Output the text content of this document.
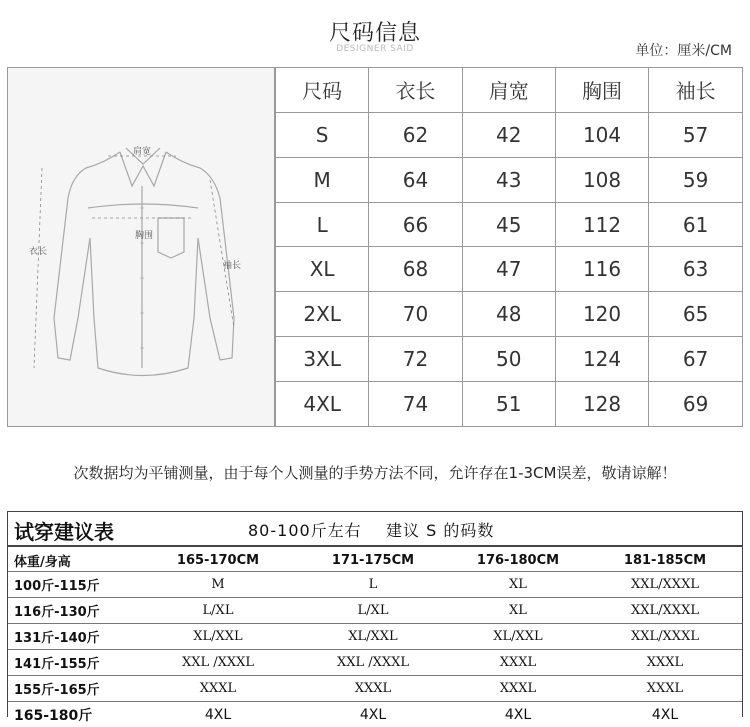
尺码信息
DESIGNER SAID	单位：厘米/CM
肩宽
衣长
胸围
袖长
尺码	衣长	肩宽	胸围	袖长
S	62	42	104	57
M	64	43	108	59
L	66	45	112	61
XL	68	47	116	63
2XL	70	48	120	65
3XL	72	50	124	67
4XL	74	51	128	69
次数据均为平铺测量，由于每个人测量的手势方法不同，允许存在1-3CM误差，敬请谅解！
试穿建议表	80-100斤左右    建议 S 的码数
体重/身高	165-170CM	171-175CM	176-180CM	181-185CM
100斤-115斤	M	L	XL	XXL/XXXL
116斤-130斤	L/XL	L/XL	XL	XXL/XXXL
131斤-140斤	XL/XXL	XL/XXL	XL/XXL	XXL/XXXL
141斤-155斤	XXL /XXXL	XXL /XXXL	XXXL	XXXL
155斤-165斤	XXXL	XXXL	XXXL	XXXL
165-180斤	4XL	4XL	4XL	4XL
